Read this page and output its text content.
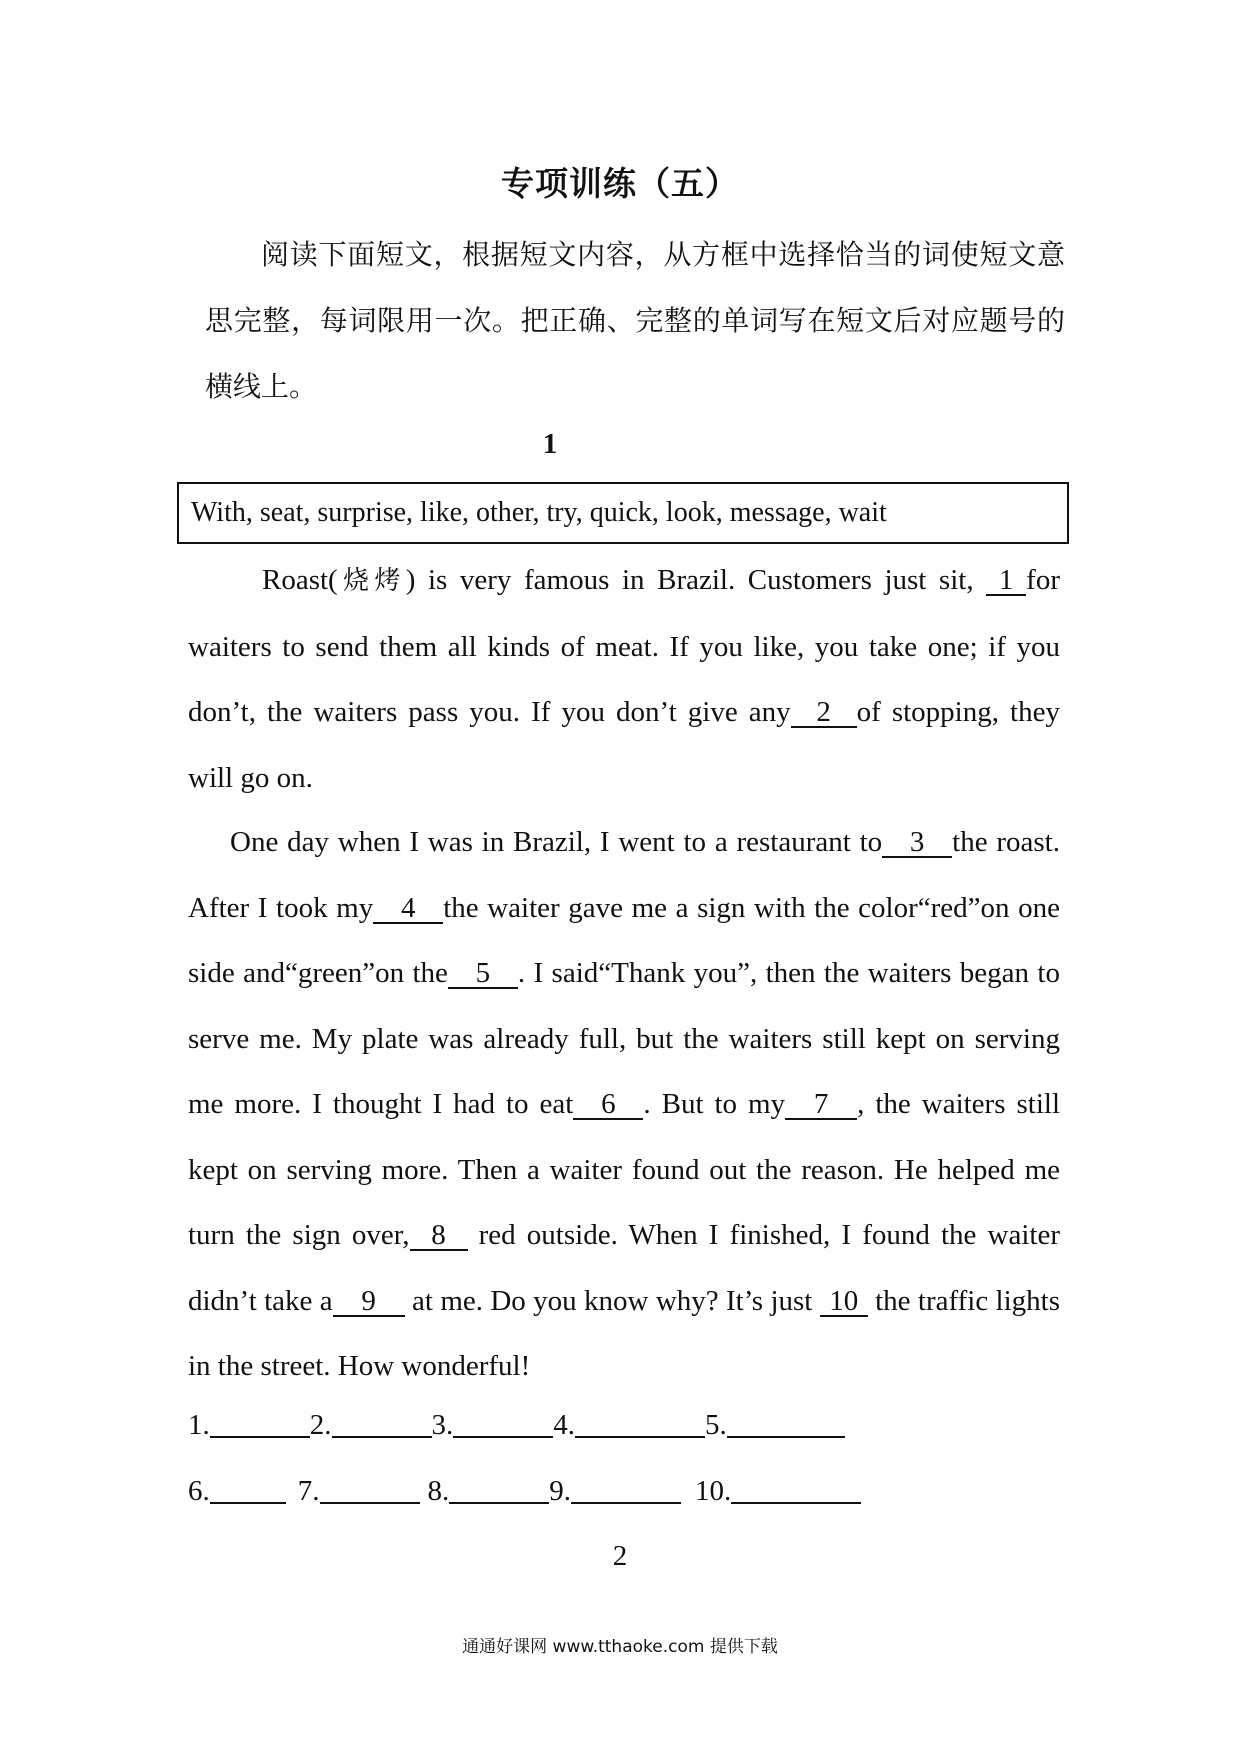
专项训练（五）
阅读下面短文，根据短文内容，从方框中选择恰当的词使短文意思完整，每词限用一次。把正确、完整的单词写在短文后对应题号的横线上。
1
With, seat, surprise, like, other, try, quick, look, message, wait
Roast(烧烤) is very famous in Brazil. Customers just sit, 1 for waiters to send them all kinds of meat. If you like, you take one; if you don’t, the waiters pass you. If you don’t give any 2 of stopping, they will go on.
One day when I was in Brazil, I went to a restaurant to 3 the roast. After I took my 4 the waiter gave me a sign with the color“red”on one side and“green”on the 5 . I said“Thank you”, then the waiters began to serve me. My plate was already full, but the waiters still kept on serving me more. I thought I had to eat 6 . But to my 7 , the waiters still kept on serving more. Then a waiter found out the reason. He helped me turn the sign over, 8 red outside. When I finished, I found the waiter didn’t take a 9 at me. Do you know why? It’s just 10 the traffic lights in the street. How wonderful!
1.	2.	3.	4.	5.
6.	7.	8.	9.	10.
2
通通好课网 www.tthaoke.com 提供下载
